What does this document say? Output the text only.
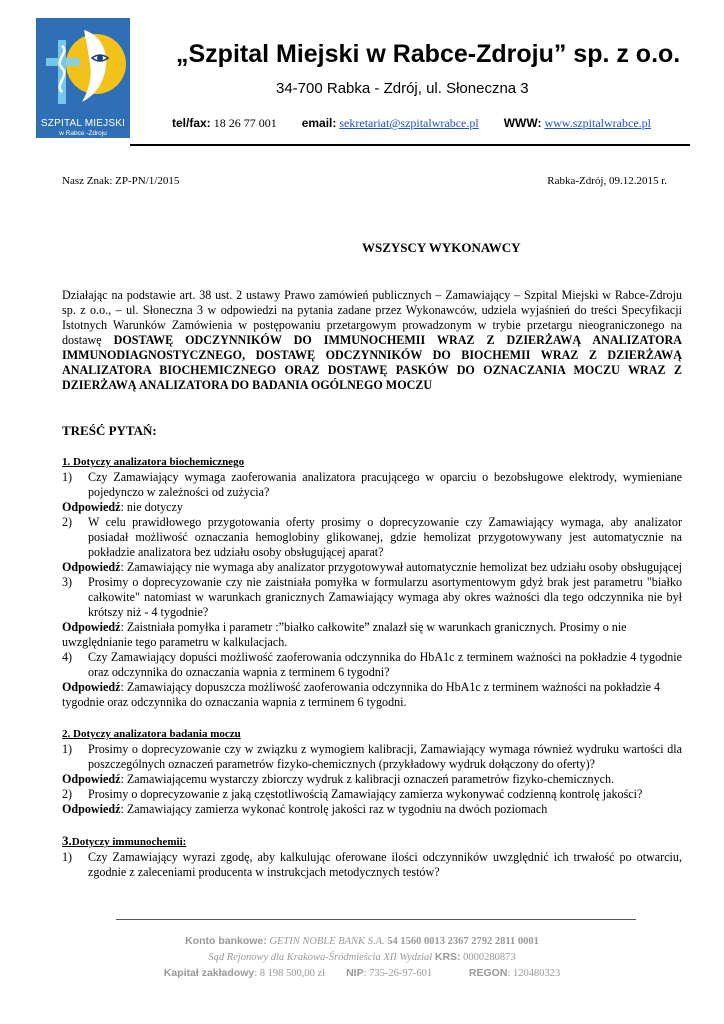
SZPITAL MIEJSKI
w Rabce -Zdroju
„Szpital Miejski w Rabce-Zdroju” sp. z o.o.
34-700 Rabka - Zdrój, ul. Słoneczna 3
tel/fax: 18 26 77 001 email: sekretariat@szpitalwrabce.pl WWW: www.szpitalwrabce.pl
Nasz Znak: ZP-PN/1/2015	Rabka-Zdrój, 09.12.2015 r.
WSZYSCY WYKONAWCY

Działając na podstawie art. 38 ust. 2 ustawy Prawo zamówień publicznych – Zamawiający – Szpital Miejski w Rabce-Zdroju sp. z o.o., – ul. Słoneczna 3 w odpowiedzi na pytania zadane przez Wykonawców, udziela wyjaśnień do treści Specyfikacji Istotnych Warunków Zamówienia w postępowaniu przetargowym prowadzonym w trybie przetargu nieograniczonego na dostawę DOSTAWĘ ODCZYNNIKÓW DO IMMUNOCHEMII WRAZ Z DZIERŻAWĄ ANALIZATORA IMMUNODIAGNOSTYCZNEGO, DOSTAWĘ ODCZYNNIKÓW DO BIOCHEMII WRAZ Z DZIERŻAWĄ ANALIZATORA BIOCHEMICZNEGO ORAZ DOSTAWĘ PASKÓW DO OZNACZANIA MOCZU WRAZ Z DZIERŻAWĄ ANALIZATORA DO BADANIA OGÓLNEGO MOCZU

TREŚĆ PYTAŃ:
1. Dotyczy analizatora biochemicznego
1)	Czy Zamawiający wymaga zaoferowania analizatora pracującego w oparciu o bezobsługowe elektrody, wymieniane pojedynczo w zależności od zużycia?

Odpowiedź: nie dotyczy

2)	W celu prawidłowego przygotowania oferty prosimy o doprecyzowanie czy Zamawiający wymaga, aby analizator posiadał możliwość oznaczania hemoglobiny glikowanej, gdzie hemolizat przygotowywany jest automatycznie na pokładzie analizatora bez udziału osoby obsługującej aparat?

Odpowiedź: Zamawiający nie wymaga aby analizator przygotowywał automatycznie hemolizat bez udziału osoby obsługującej

3)	Prosimy o doprecyzowanie czy nie zaistniała pomyłka w formularzu asortymentowym gdyż brak jest parametru "białko całkowite" natomiast w warunkach granicznych Zamawiający wymaga aby okres ważności dla tego odczynnika nie był krótszy niż - 4 tygodnie?

Odpowiedź: Zaistniała pomyłka i parametr :”białko całkowite” znalazł się w warunkach granicznych. Prosimy o nie uwzględnianie tego parametru w kalkulacjach.

4)	Czy Zamawiający dopuści możliwość zaoferowania odczynnika do HbA1c z terminem ważności na pokładzie 4 tygodnie oraz odczynnika do oznaczania wapnia z terminem 6 tygodni?

Odpowiedź: Zamawiający dopuszcza możliwość zaoferowania odczynnika do HbA1c z terminem ważności na pokładzie 4 tygodnie oraz odczynnika do oznaczania wapnia z terminem 6 tygodni.

2. Dotyczy analizatora badania moczu
1)	Prosimy o doprecyzowanie czy w związku z wymogiem kalibracji, Zamawiający wymaga również wydruku wartości dla poszczególnych oznaczeń parametrów fizyko-chemicznych (przykładowy wydruk dołączony do oferty)?

Odpowiedź: Zamawiającemu wystarczy zbiorczy wydruk z kalibracji oznaczeń parametrów fizyko-chemicznych.

2)	Prosimy o doprecyzowanie z jaką częstotliwością Zamawiający zamierza wykonywać codzienną kontrolę jakości?

Odpowiedź: Zamawiający zamierza wykonać kontrolę jakości raz w tygodniu na dwóch poziomach

3.Dotyczy immunochemii:
1)	Czy Zamawiający wyrazi zgodę, aby kalkulując oferowane ilości odczynników uwzględnić ich trwałość po otwarciu, zgodnie z zaleceniami producenta w instrukcjach metodycznych testów?
Konto bankowe: GETIN NOBLE BANK S.A. 54 1560 0013 2367 2792 2811 0001
Sąd Rejonowy dla Krakowa-Śródmieścia XII Wydział KRS: 0000280873
Kapitał zakładowy: 8 198 500,00 zł NIP: 735-26-97-601	REGON: 120480323
